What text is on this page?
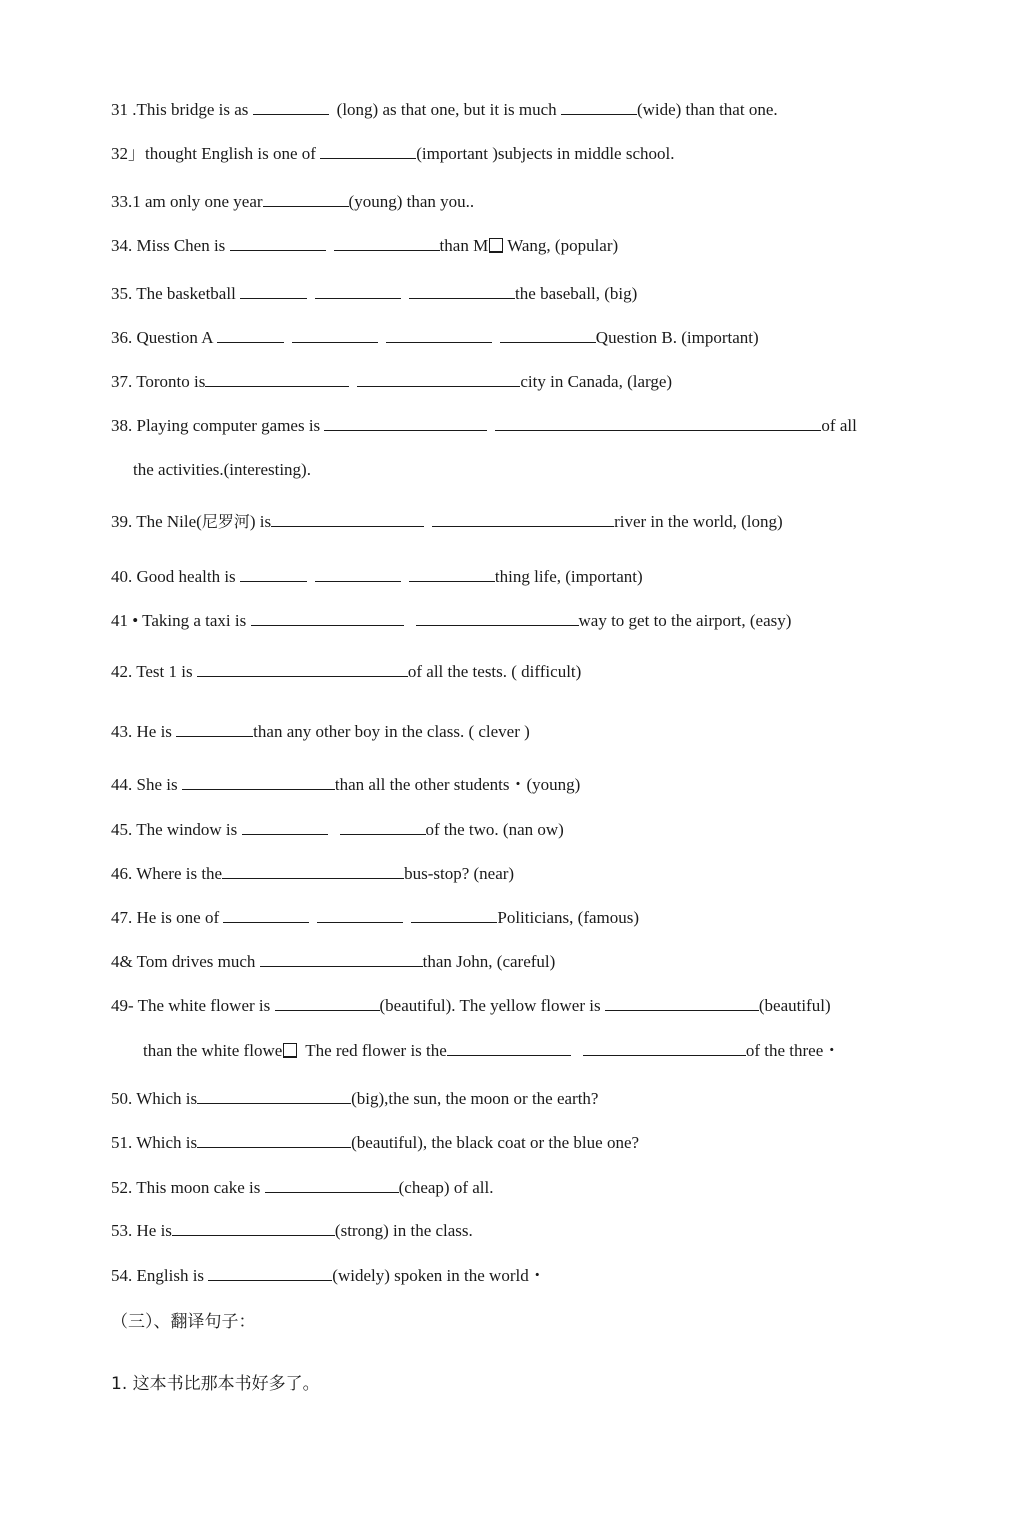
31 .This bridge is as	(long) as that one, but it is much	(wide) than that one.
32」thought English is one of	(important )subjects in middle school.
33.1 am only one year	(young) than you..
34. Miss Chen is	than M Wang, (popular)
35. The basketball	the baseball, (big)
36. Question A	Question B. (important)
37. Toronto is	city in Canada, (large)
38. Playing computer games is	of all
the activities.(interesting).
39. The Nile(尼罗河) is	river in the world, (long)
40. Good health is	thing life, (important)
41 • Taking a taxi is	way to get to the airport, (easy)
42. Test 1 is	of all the tests. ( difficult)
43. He is	than any other boy in the class. ( clever )
44. She is	than all the other students・(young)
45. The window is	of the two. (nan ow)
46. Where is the	bus-stop? (near)
47. He is one of	Politicians, (famous)
4& Tom drives much	than John, (careful)
49- The white flower is	(beautiful). The yellow flower is	(beautiful)
than the white flowe The red flower is the	of the three・
50. Which is	(big),the sun, the moon or the earth?
51. Which is	(beautiful), the black coat or the blue one?
52. This moon cake is	(cheap) of all.
53. He is	(strong) in the class.
54. English is	(widely) spoken in the world・
（三）、翻译句子：
1. 这本书比那本书好多了。
